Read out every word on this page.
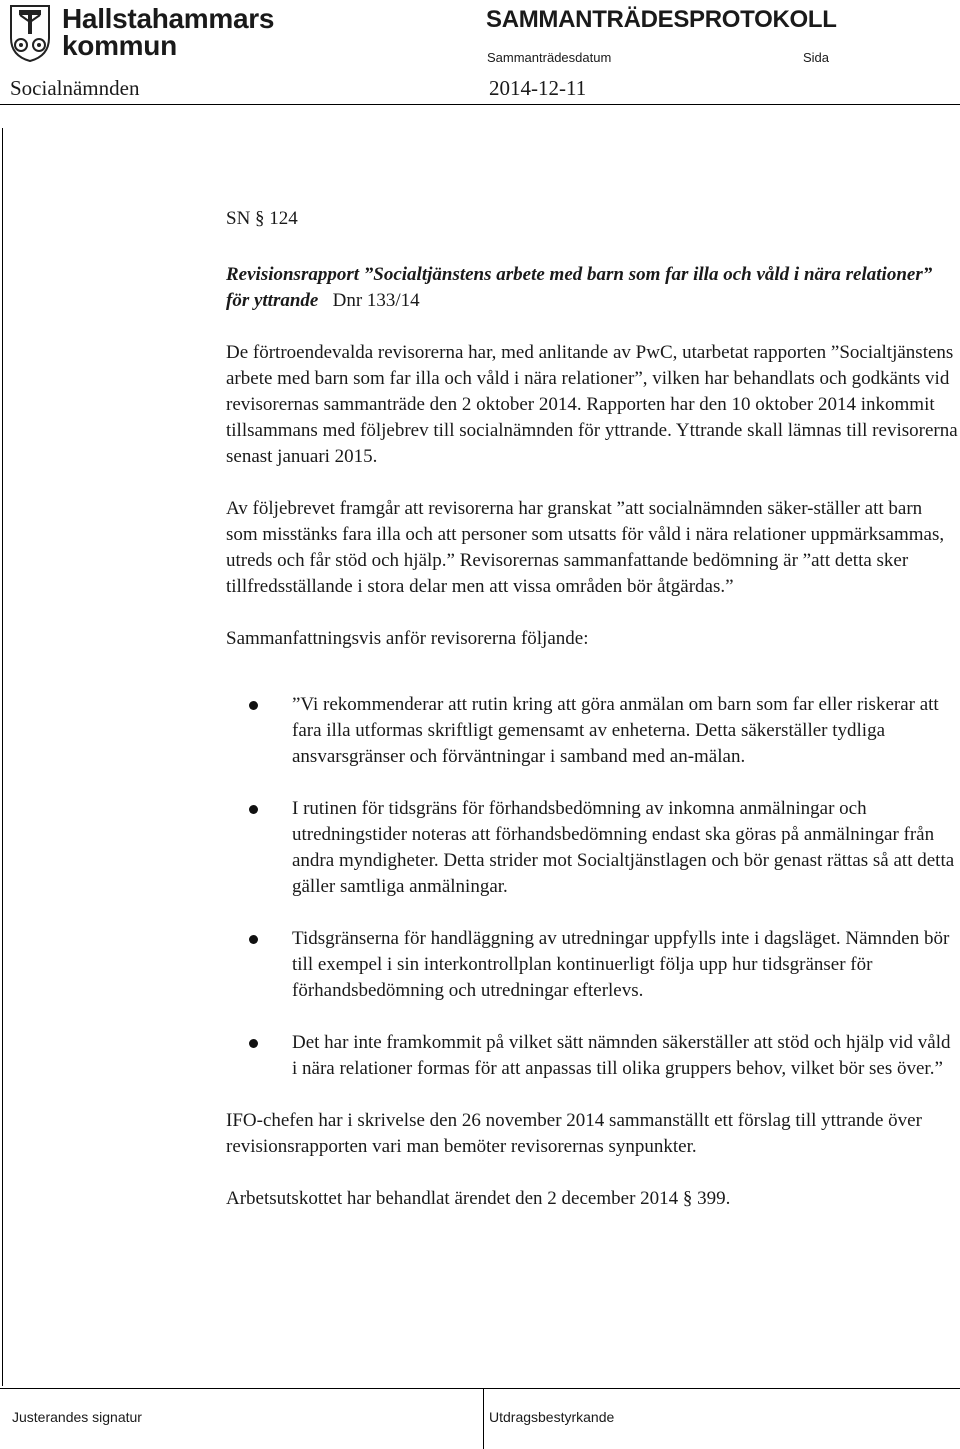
Hallstahammars
kommun
SAMMANTRÄDESPROTOKOLL
Sammanträdesdatum	Sida
Socialnämnden	2014-12-11

SN § 124

Revisionsrapport ”Socialtjänstens arbete med barn som far illa och våld i nära relationer” för yttrande Dnr 133/14

De förtroendevalda revisorerna har, med anlitande av PwC, utarbetat rapporten ”Socialtjänstens arbete med barn som far illa och våld i nära relationer”, vilken har behandlats och godkänts vid revisorernas sammanträde den 2 oktober 2014. Rapporten har den 10 oktober 2014 inkommit tillsammans med följebrev till socialnämnden för yttrande. Yttrande skall lämnas till revisorerna senast januari 2015.

Av följebrevet framgår att revisorerna har granskat ”att socialnämnden säker-ställer att barn som misstänks fara illa och att personer som utsatts för våld i nära relationer uppmärksammas, utreds och får stöd och hjälp.” Revisorernas sammanfattande bedömning är ”att detta sker tillfredsställande i stora delar men att vissa områden bör åtgärdas.”

Sammanfattningsvis anför revisorerna följande:

”Vi rekommenderar att rutin kring att göra anmälan om barn som far eller riskerar att fara illa utformas skriftligt gemensamt av enheterna. Detta säkerställer tydliga ansvarsgränser och förväntningar i samband med an-mälan.
I rutinen för tidsgräns för förhandsbedömning av inkomna anmälningar och utredningstider noteras att förhandsbedömning endast ska göras på anmälningar från andra myndigheter. Detta strider mot Socialtjänstlagen och bör genast rättas så att detta gäller samtliga anmälningar.
Tidsgränserna för handläggning av utredningar uppfylls inte i dagsläget. Nämnden bör till exempel i sin interkontrollplan kontinuerligt följa upp hur tidsgränser för förhandsbedömning och utredningar efterlevs.
Det har inte framkommit på vilket sätt nämnden säkerställer att stöd och hjälp vid våld i nära relationer formas för att anpassas till olika gruppers behov, vilket bör ses över.”

IFO-chefen har i skrivelse den 26 november 2014 sammanställt ett förslag till yttrande över revisionsrapporten vari man bemöter revisorernas synpunkter.

Arbetsutskottet har behandlat ärendet den 2 december 2014 § 399.

Justerandes signatur	Utdragsbestyrkande
